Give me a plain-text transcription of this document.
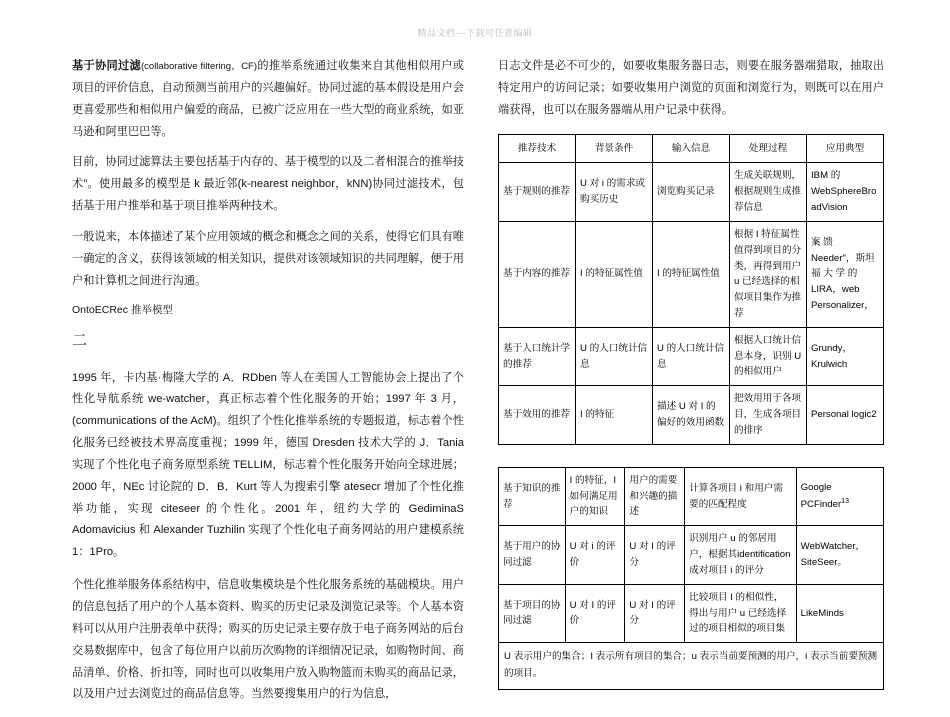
精品文档---下载可任意编辑

基于协同过滤(collaborative filtering，CF)的推举系统通过收集来自其他相似用户或项目的评价信息，自动预测当前用户的兴趣偏好。协同过滤的基本假设是用户会更喜爱那些和相似用户偏爱的商品，已被广泛应用在一些大型的商业系统，如亚马逊和阿里巴巴等。

目前，协同过滤算法主要包括基于内存的、基于模型的以及二者相混合的推举技术”。使用最多的模型是 k 最近邻(k-nearest neighbor，kNN)协同过滤技术，包括基于用户推举和基于项目推举两种技术。

一般说来，本体描述了某个应用领域的概念和概念之间的关系，使得它们具有唯一确定的含义，获得该领域的相关知识，提供对该领域知识的共同理解，便于用户和计算机之间进行沟通。

OntoECRec 推举模型

二

1995 年，卡内基·梅隆大学的 A．RDben 等人在美国人工智能协会上提出了个性化导航系统 we-watcher，真正标志着个性化服务的开始；1997 年 3 月，(communications of the AcM)。组织了个性化推举系统的专题报道，标志着个性化服务已经被技术界高度重视；1999 年，德国 Dresden 技术大学的 J．Tania 实现了个性化电子商务原型系统 TELLIM，标志着个性化服务开始向全球进展；2000 年，NEc 讨论院的 D．B．Kurt 等人为搜索引擎 atesecr 增加了个性化推举功能，实现 citeseer 的个性化。2001 年，纽约大学的 GediminaS Adomavicius 和 Alexander Tuzhilin 实现了个性化电子商务网站的用户建模系统 1：1Pro。

个性化推举服务体系结构中，信息收集模块是个性化服务系统的基础模块。用户的信息包括了用户的个人基本资料、购买的历史记录及浏览记录等。个人基本资料可以从用户注册表单中获得；购买的历史记录主要存放于电子商务网站的后台交易数据库中，包含了每位用户以前历次购物的详细情况记录，如购物时间、商品清单、价格、折扣等，同时也可以收集用户放入购物篮而未购买的商品记录，以及用户过去浏览过的商品信息等。当然要搜集用户的行为信息，

日志文件是必不可少的，如要收集服务器日志，则要在服务器端猎取，抽取出特定用户的访问记录；如要收集用户浏览的页面和浏览行为，则既可以在用户端获得，也可以在服务器端从用户记录中获得。

推荐技术	背景条件	输入信息	处理过程	应用典型
基于规则的推荐	U 对 i 的需求或购买历史	浏览购买记录	生成关联规则，根据规则生成推荐信息	IBM 的 WebSphereBroadVision
基于内容的推荐	I 的特征属性值	I 的特征属性值	根据 I 特征属性值得到项目的分类，再得到用户 u 已经选择的相似项目集作为推荐	案 馈 Needer"，斯坦福 大 学 的 LIRA，web Personalizer，
基于人口统计学的推荐	U 的人口统计信息	U 的人口统计信息	根据人口统计信息本身，识别 U 的相似用户	Grundy，Krulwich
基于效用的推荐	I 的特征	描述 U 对 I 的偏好的效用函数	把效用用于各项目，生成各项目的排序	Personal logic2
基于知识的推荐	I 的特征，I 如何满足用户的知识	用户的需要和兴趣的描述	计算各项目 i 和用户需要的匹配程度	Google PCFinder$^{13}$
基于用户的协同过滤	U 对 i 的评价	U 对 I 的评分	识别用户 u 的邻居用户，根据其identification成对项目 i 的评分	WebWatcher，SiteSeer。
基于项目的协同过滤	U 对 I 的评价	U 对 I 的评分	比较项目 I 的相似性，得出与用户 u 已经选择过的项目相似的项目集	LikeMinds
U 表示用户的集合；I 表示所有项目的集合；u 表示当前要预测的用户，i 表示当前要预测的项目。				
